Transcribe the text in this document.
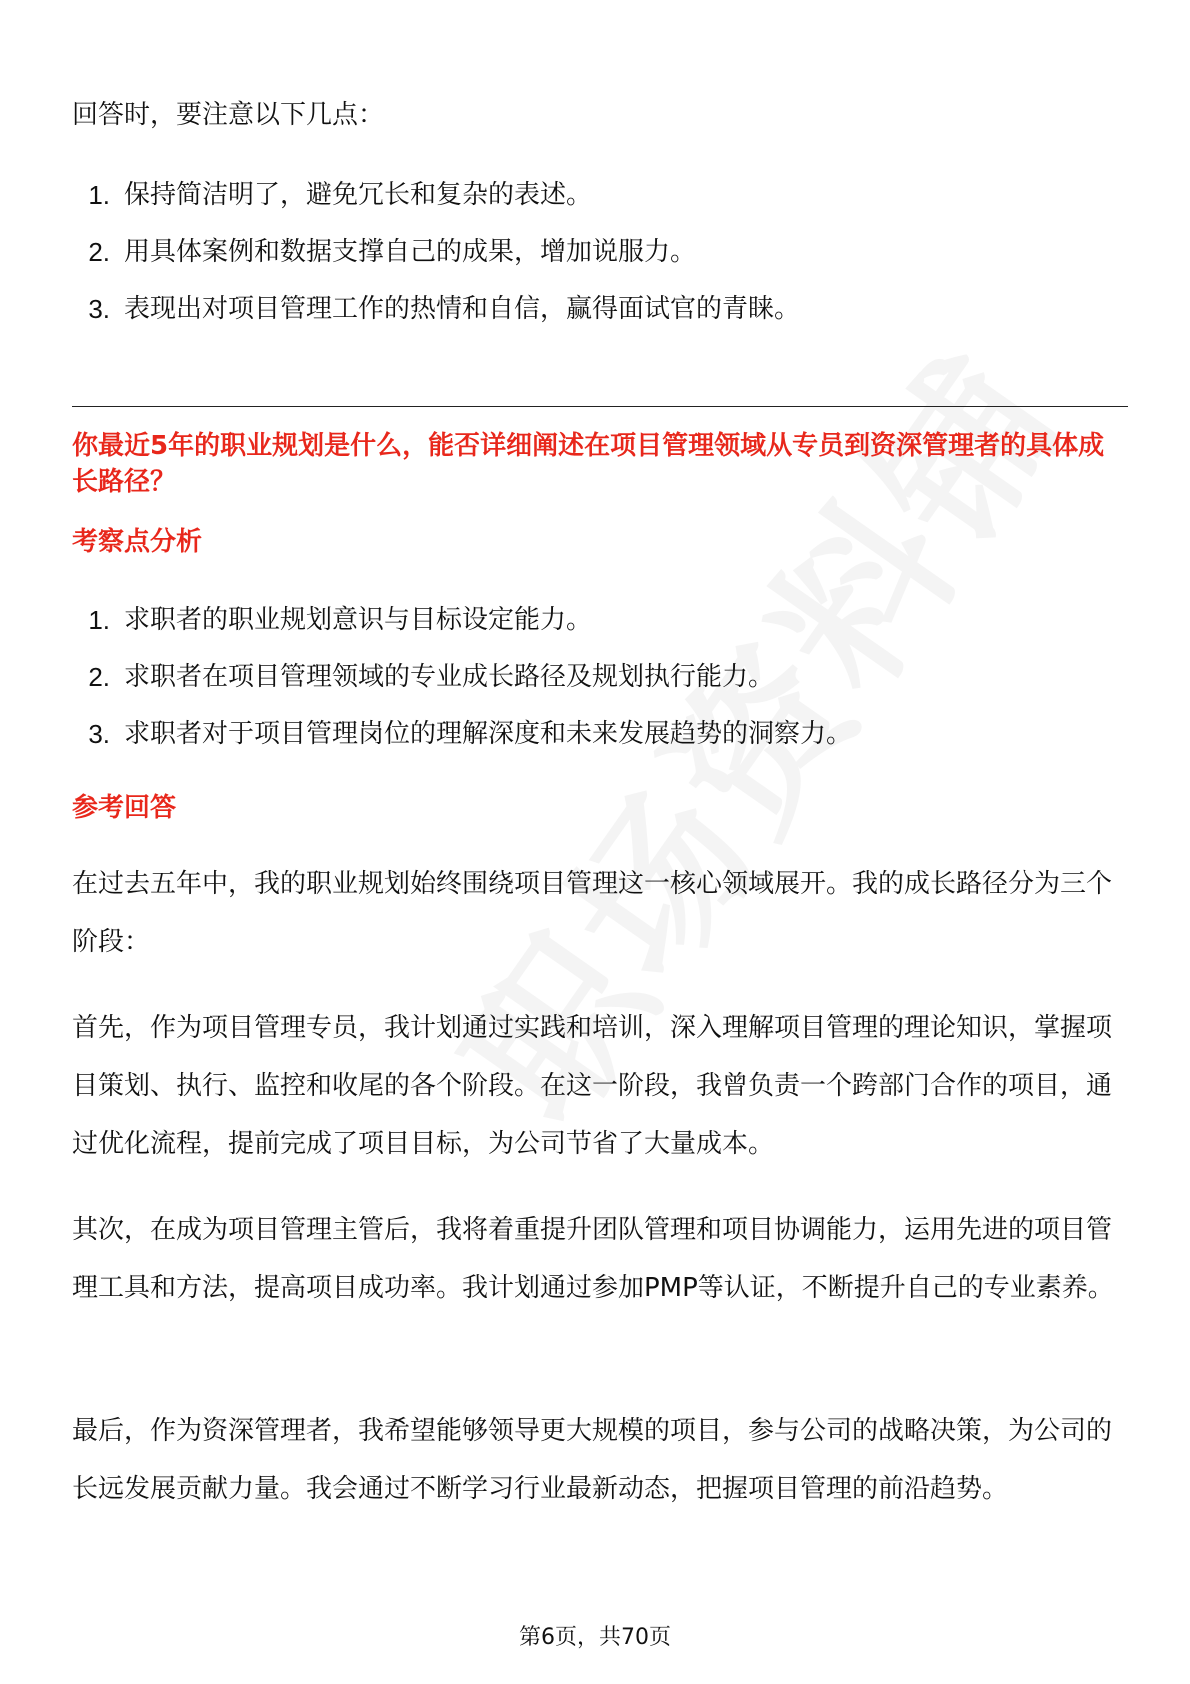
回答时，要注意以下几点：

1. 保持简洁明了，避免冗长和复杂的表述。
2. 用具体案例和数据支撑自己的成果，增加说服力。
3. 表现出对项目管理工作的热情和自信，赢得面试官的青睐。

你最近5年的职业规划是什么，能否详细阐述在项目管理领域从专员到资深管理者的具体成长路径？

考察点分析

1. 求职者的职业规划意识与目标设定能力。
2. 求职者在项目管理领域的专业成长路径及规划执行能力。
3. 求职者对于项目管理岗位的理解深度和未来发展趋势的洞察力。

参考回答

在过去五年中，我的职业规划始终围绕项目管理这一核心领域展开。我的成长路径分为三个阶段：

首先，作为项目管理专员，我计划通过实践和培训，深入理解项目管理的理论知识，掌握项目策划、执行、监控和收尾的各个阶段。在这一阶段，我曾负责一个跨部门合作的项目，通过优化流程，提前完成了项目目标，为公司节省了大量成本。

其次，在成为项目管理主管后，我将着重提升团队管理和项目协调能力，运用先进的项目管理工具和方法，提高项目成功率。我计划通过参加PMP等认证，不断提升自己的专业素养。

最后，作为资深管理者，我希望能够领导更大规模的项目，参与公司的战略决策，为公司的长远发展贡献力量。我会通过不断学习行业最新动态，把握项目管理的前沿趋势。

第6页，共70页
